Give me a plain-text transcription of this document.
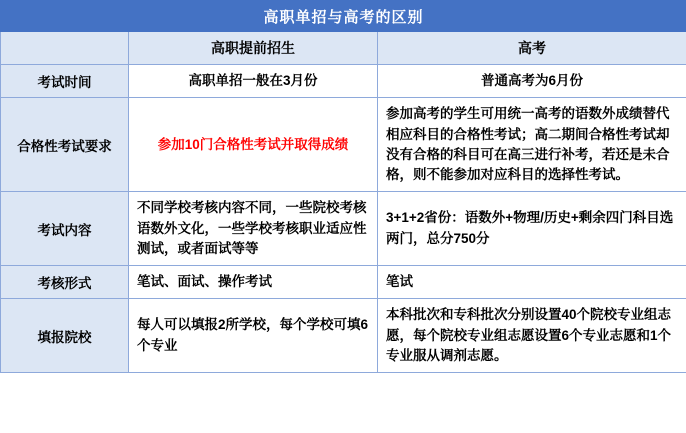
高职单招与高考的区别		
	高职提前招生	高考
考试时间	高职单招一般在3月份	普通高考为6月份
合格性考试要求	参加10门合格性考试并取得成绩	参加高考的学生可用统一高考的语数外成绩替代相应科目的合格性考试；高二期间合格性考试却没有合格的科目可在高三进行补考，若还是未合格，则不能参加对应科目的选择性考试。
考试内容	不同学校考核内容不同，一些院校考核语数外文化，一些学校考核职业适应性测试，或者面试等等	3+1+2省份：语数外+物理/历史+剩余四门科目选两门，总分750分
考核形式	笔试、面试、操作考试	笔试
填报院校	每人可以填报2所学校，每个学校可填6个专业	本科批次和专科批次分别设置40个院校专业组志愿，每个院校专业组志愿设置6个专业志愿和1个专业服从调剂志愿。
